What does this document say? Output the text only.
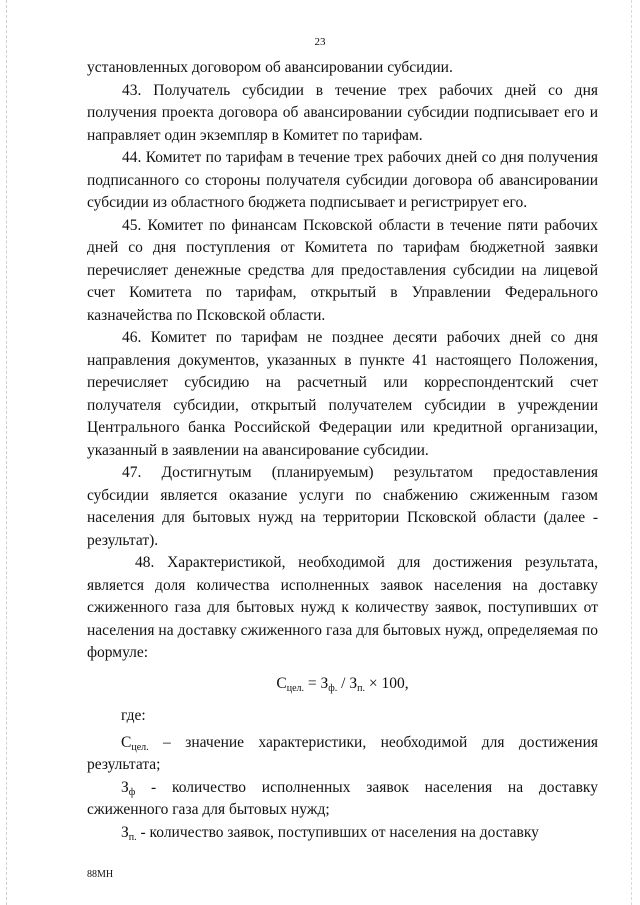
23

установленных договором об авансировании субсидии.

43. Получатель субсидии в течение трех рабочих дней со дня получения проекта договора об авансировании субсидии подписывает его и направляет один экземпляр в Комитет по тарифам.

44. Комитет по тарифам в течение трех рабочих дней со дня получения подписанного со стороны получателя субсидии договора об авансировании субсидии из областного бюджета подписывает и регистрирует его.

45. Комитет по финансам Псковской области в течение пяти рабочих дней со дня поступления от Комитета по тарифам бюджетной заявки перечисляет денежные средства для предоставления субсидии на лицевой счет Комитета по тарифам, открытый в Управлении Федерального казначейства по Псковской области.

46. Комитет по тарифам не позднее десяти рабочих дней со дня направления документов, указанных в пункте 41 настоящего Положения, перечисляет субсидию на расчетный или корреспондентский счет получателя субсидии, открытый получателем субсидии в учреждении Центрального банка Российской Федерации или кредитной организации, указанный в заявлении на авансирование субсидии.

47. Достигнутым (планируемым) результатом предоставления субсидии является оказание услуги по снабжению сжиженным газом населения для бытовых нужд на территории Псковской области (далее - результат).

48. Характеристикой, необходимой для достижения результата, является доля количества исполненных заявок населения на доставку сжиженного газа для бытовых нужд к количеству заявок, поступивших от населения на доставку сжиженного газа для бытовых нужд, определяемая по формуле:

$С_{цел.} = З_{ф.} / З_{п.} \times 100$,

где:

$С_{цел.}$ – значение характеристики, необходимой для достижения результата;

$З_ф$ - количество исполненных заявок населения на доставку сжиженного газа для бытовых нужд;

$З_{п.}$ - количество заявок, поступивших от населения на доставку

88МН
